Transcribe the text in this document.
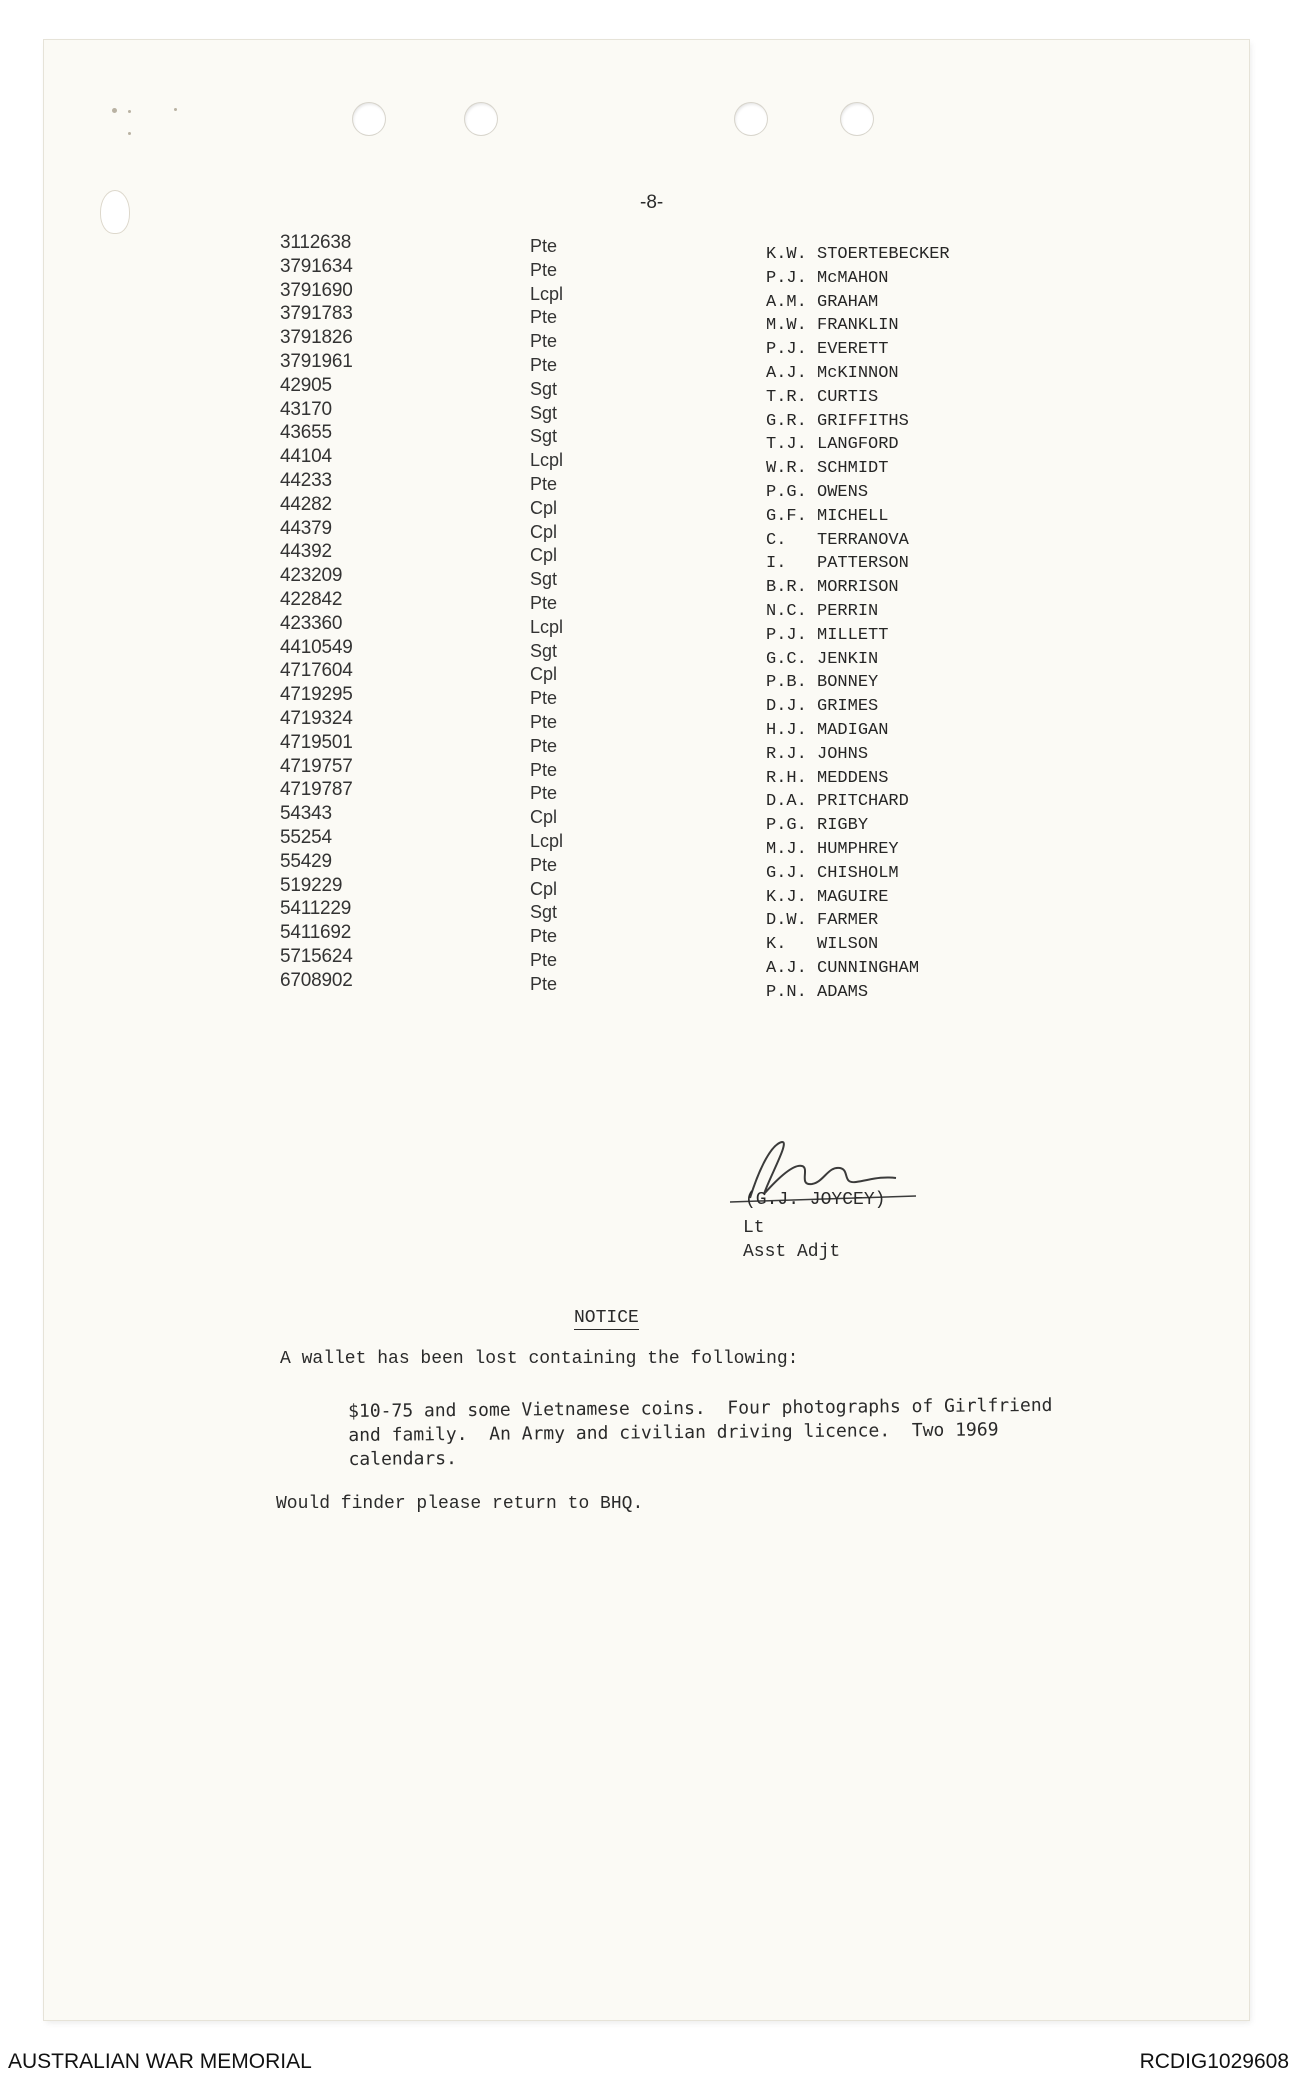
-8-
3112638	Pte	K.W. STOERTEBECKER
3791634	Pte	P.J. McMAHON
3791690	Lcpl	A.M. GRAHAM
3791783	Pte	M.W. FRANKLIN
3791826	Pte	P.J. EVERETT
3791961	Pte	A.J. McKINNON
42905	Sgt	T.R. CURTIS
43170	Sgt	G.R. GRIFFITHS
43655	Sgt	T.J. LANGFORD
44104	Lcpl	W.R. SCHMIDT
44233	Pte	P.G. OWENS
44282	Cpl	G.F. MICHELL
44379	Cpl	C.   TERRANOVA
44392	Cpl	I.   PATTERSON
423209	Sgt	B.R. MORRISON
422842	Pte	N.C. PERRIN
423360	Lcpl	P.J. MILLETT
4410549	Sgt	G.C. JENKIN
4717604	Cpl	P.B. BONNEY
4719295	Pte	D.J. GRIMES
4719324	Pte	H.J. MADIGAN
4719501	Pte	R.J. JOHNS
4719757	Pte	R.H. MEDDENS
4719787	Pte	D.A. PRITCHARD
54343	Cpl	P.G. RIGBY
55254	Lcpl	M.J. HUMPHREY
55429	Pte	G.J. CHISHOLM
519229	Cpl	K.J. MAGUIRE
5411229	Sgt	D.W. FARMER
5411692	Pte	K.   WILSON
5715624	Pte	A.J. CUNNINGHAM
6708902	Pte	P.N. ADAMS
(G.J. JOYCEY)
Lt
Asst Adjt
NOTICE
A wallet has been lost containing the following:
$10-75 and some Vietnamese coins.  Four photographs of Girlfriend
and family.  An Army and civilian driving licence.  Two 1969
calendars.
Would finder please return to BHQ.
AUSTRALIAN WAR MEMORIAL	RCDIG1029608
